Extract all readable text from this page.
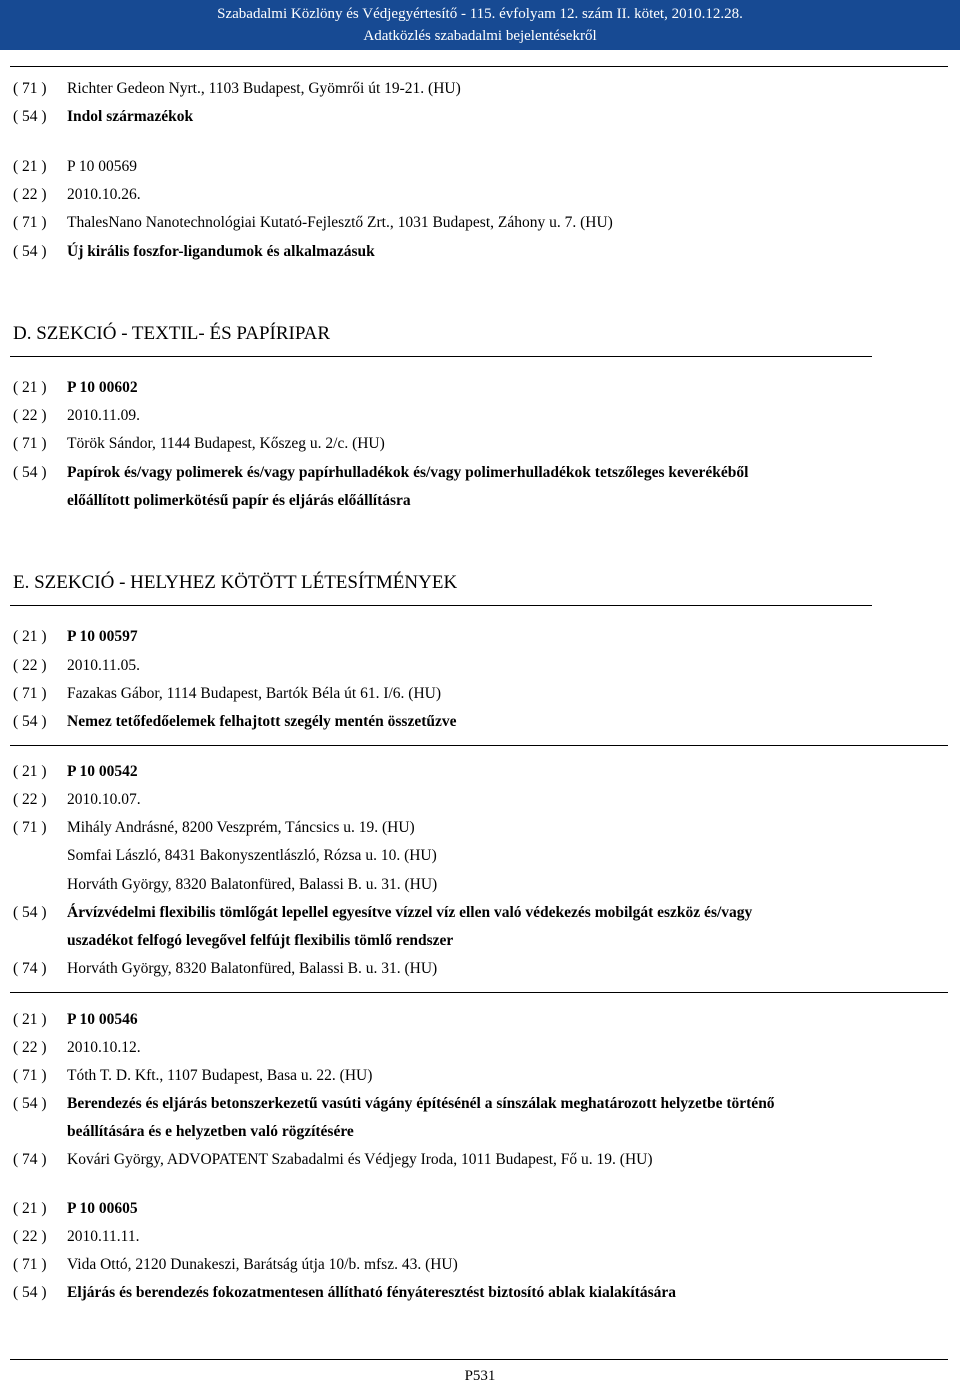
Szabadalmi Közlöny és Védjegyértesítő - 115. évfolyam 12. szám II. kötet, 2010.12.28.
Adatközlés szabadalmi bejelentésekről
( 71 ) Richter Gedeon Nyrt., 1103 Budapest, Gyömrői út 19-21. (HU)
( 54 ) Indol származékok
( 21 ) P 10 00569
( 22 ) 2010.10.26.
( 71 ) ThalesNano Nanotechnológiai Kutató-Fejlesztő Zrt., 1031 Budapest, Záhony u. 7. (HU)
( 54 ) Új királis foszfor-ligandumok és alkalmazásuk
D. SZEKCIÓ - TEXTIL- ÉS PAPÍRIPAR
( 21 ) P 10 00602
( 22 ) 2010.11.09.
( 71 ) Török Sándor, 1144 Budapest, Kőszeg u. 2/c. (HU)
( 54 ) Papírok és/vagy polimerek és/vagy papírhulladékok és/vagy polimerhulladékok tetszőleges keverékéből
előállított polimerkötésű papír és eljárás előállításra
E. SZEKCIÓ - HELYHEZ KÖTÖTT LÉTESÍTMÉNYEK
( 21 ) P 10 00597
( 22 ) 2010.11.05.
( 71 ) Fazakas Gábor, 1114 Budapest, Bartók Béla út 61. I/6. (HU)
( 54 ) Nemez tetőfedőelemek felhajtott szegély mentén összetűzve
( 21 ) P 10 00542
( 22 ) 2010.10.07.
( 71 ) Mihály Andrásné, 8200 Veszprém, Táncsics u. 19. (HU)
Somfai László, 8431 Bakonyszentlászló, Rózsa u. 10. (HU)
Horváth György, 8320 Balatonfüred, Balassi B. u. 31. (HU)
( 54 ) Árvízvédelmi flexibilis tömlőgát lepellel egyesítve vízzel víz ellen való védekezés mobilgát eszköz és/vagy
uszadékot felfogó levegővel felfújt flexibilis tömlő rendszer
( 74 ) Horváth György, 8320 Balatonfüred, Balassi B. u. 31. (HU)
( 21 ) P 10 00546
( 22 ) 2010.10.12.
( 71 ) Tóth T. D. Kft., 1107 Budapest, Basa u. 22. (HU)
( 54 ) Berendezés és eljárás betonszerkezetű vasúti vágány építésénél a sínszálak meghatározott helyzetbe történő
beállítására és e helyzetben való rögzítésére
( 74 ) Kovári György, ADVOPATENT Szabadalmi és Védjegy Iroda, 1011 Budapest, Fő u. 19. (HU)
( 21 ) P 10 00605
( 22 ) 2010.11.11.
( 71 ) Vida Ottó, 2120 Dunakeszi, Barátság útja 10/b. mfsz. 43. (HU)
( 54 ) Eljárás és berendezés fokozatmentesen állítható fényáteresztést biztosító ablak kialakítására
P531
